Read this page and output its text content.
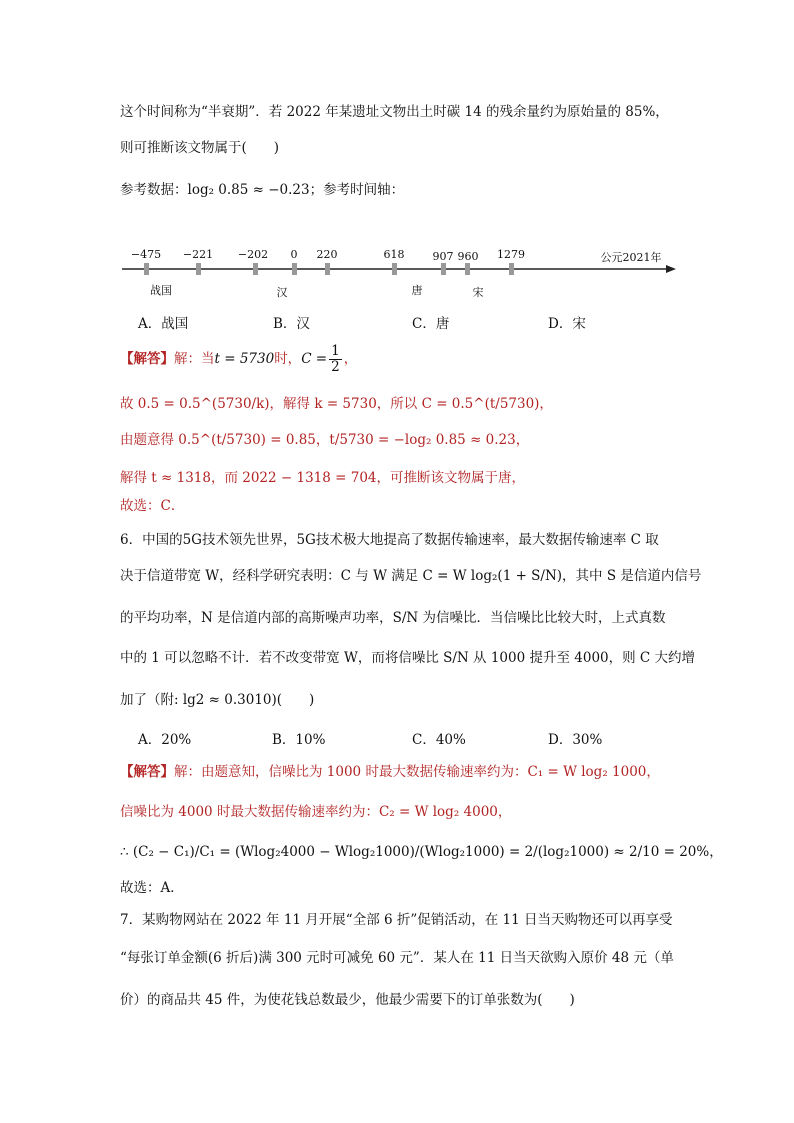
这个时间称为“半衰期”．若 2022 年某遗址文物出土时碳 14 的残余量约为原始量的 85%，
则可推断该文物属于(　　)
参考数据：log₂ 0.85 ≈ −0.23；参考时间轴：
−475 −221 −202 0 220	618	907 960 1279	公元2021年
战国	汉	唐	宋
A．战国	B．汉	C．唐	D．宋
【解答】解：当t = 5730时，$C = \frac{1}{2}$ ，
故 0.5 = 0.5^(5730/k)，解得 k = 5730，所以 C = 0.5^(t/5730)，
由题意得 0.5^(t/5730) = 0.85，t/5730 = −log₂ 0.85 ≈ 0.23，
解得 t ≈ 1318，而 2022 − 1318 = 704，可推断该文物属于唐，
故选：C．
6．中国的5G技术领先世界，5G技术极大地提高了数据传输速率，最大数据传输速率 C 取
决于信道带宽 W，经科学研究表明：C 与 W 满足 C = W log₂(1 + S/N)，其中 S 是信道内信号
的平均功率，N 是信道内部的高斯噪声功率，S/N 为信噪比．当信噪比比较大时，上式真数
中的 1 可以忽略不计．若不改变带宽 W，而将信噪比 S/N 从 1000 提升至 4000，则 C 大约增
加了（附: lg2 ≈ 0.3010)(　　)
A．20%	B．10%	C．40%	D．30%
【解答】解：由题意知，信噪比为 1000 时最大数据传输速率约为：C₁ = W log₂ 1000，
信噪比为 4000 时最大数据传输速率约为：C₂ = W log₂ 4000，
∴ (C₂ − C₁)/C₁ = (Wlog₂4000 − Wlog₂1000)/(Wlog₂1000) = 2/(log₂1000) ≈ 2/10 = 20%，
故选：A．
7．某购物网站在 2022 年 11 月开展“全部 6 折”促销活动，在 11 日当天购物还可以再享受
“每张订单金额(6 折后)满 300 元时可减免 60 元”．某人在 11 日当天欲购入原价 48 元（单
价）的商品共 45 件，为使花钱总数最少，他最少需要下的订单张数为(　　)
